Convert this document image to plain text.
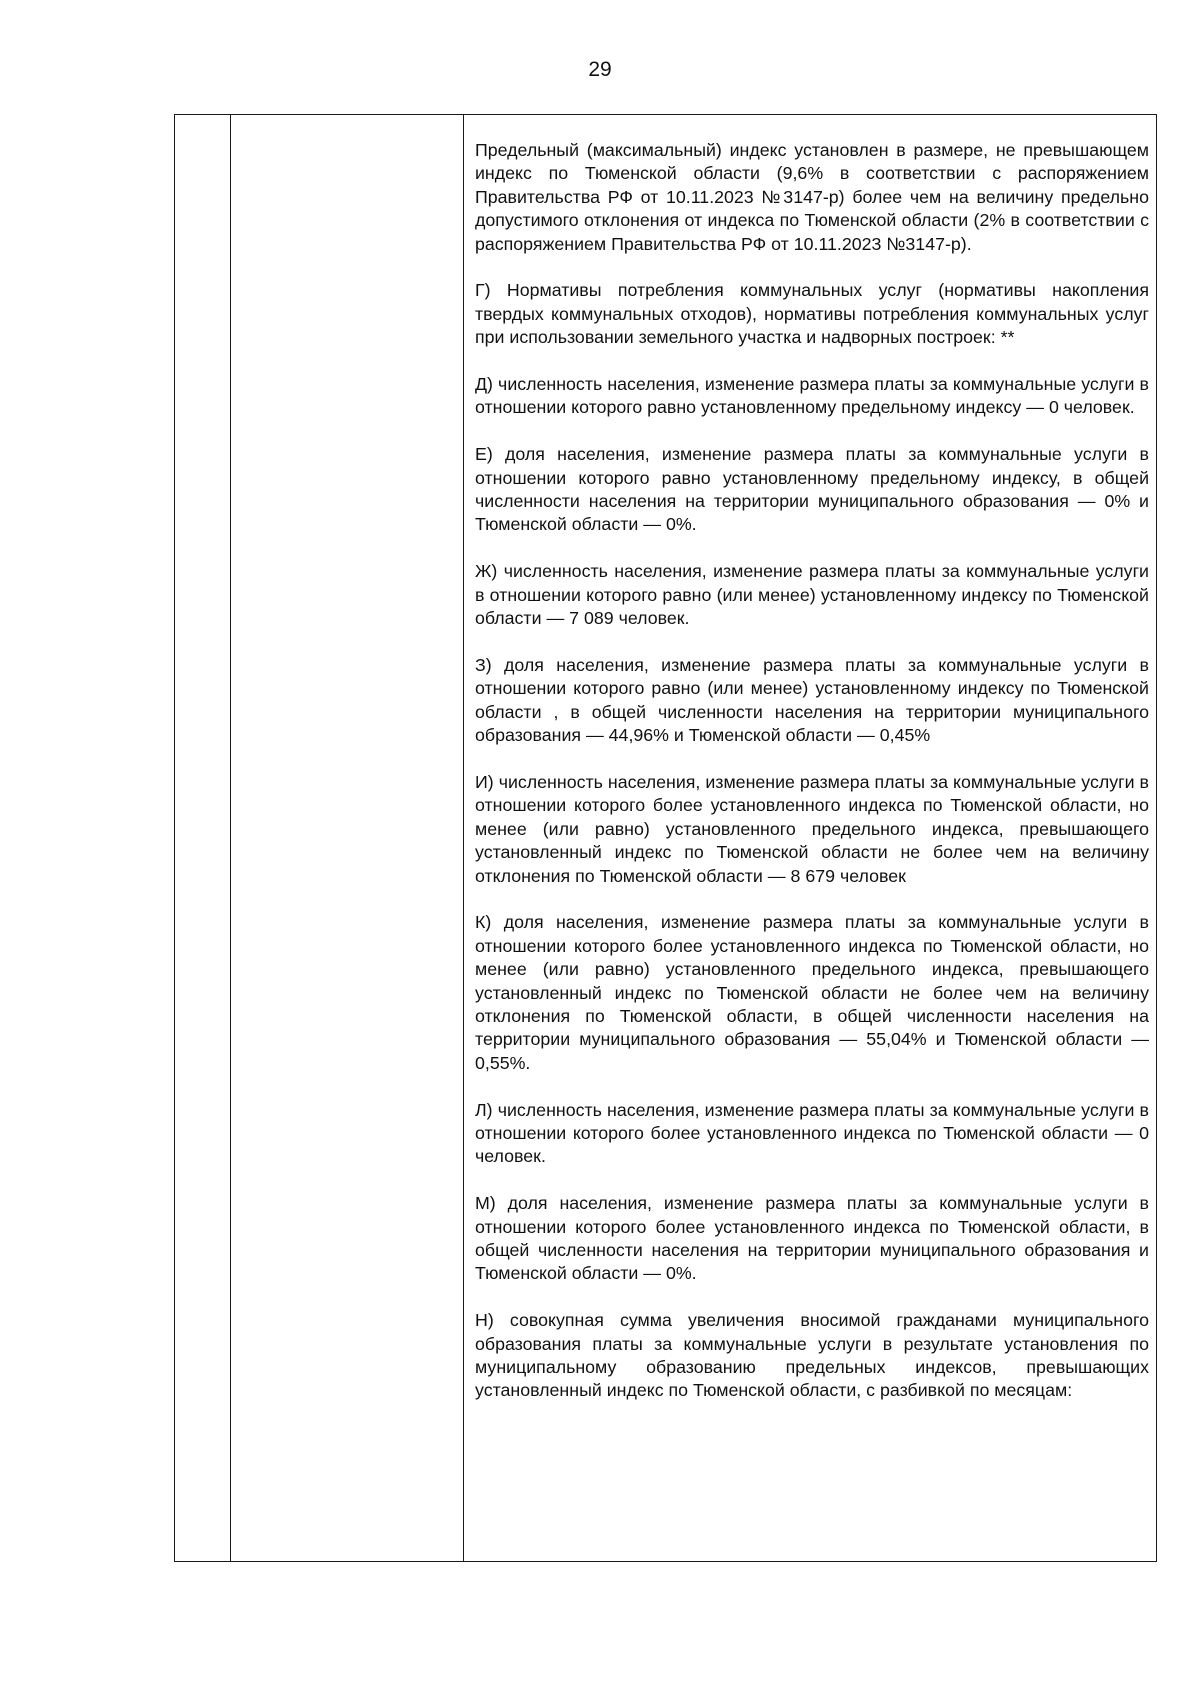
29

Предельный (максимальный) индекс установлен в размере, не превышающем индекс по Тюменской области (9,6% в соответствии с распоряжением Правительства РФ от 10.11.2023 №3147-р) более чем на величину предельно допустимого отклонения от индекса по Тюменской области (2% в соответствии с распоряжением Правительства РФ от 10.11.2023 №3147-р).

Г) Нормативы потребления коммунальных услуг (нормативы накопления твердых коммунальных отходов), нормативы потребления коммунальных услуг при использовании земельного участка и надворных построек: **

Д) численность населения, изменение размера платы за коммунальные услуги в отношении которого равно установленному предельному индексу — 0 человек.

Е) доля населения, изменение размера платы за коммунальные услуги в отношении которого равно установленному предельному индексу, в общей численности населения на территории муниципального образования — 0% и Тюменской области — 0%.

Ж) численность населения, изменение размера платы за коммунальные услуги в отношении которого равно (или менее) установленному индексу по Тюменской области — 7 089 человек.

З) доля населения, изменение размера платы за коммунальные услуги в отношении которого равно (или менее) установленному индексу по Тюменской области , в общей численности населения на территории муниципального образования — 44,96% и Тюменской области — 0,45%

И) численность населения, изменение размера платы за коммунальные услуги в отношении которого более установленного индекса по Тюменской области, но менее (или равно) установленного предельного индекса, превышающего установленный индекс по Тюменской области не более чем на величину отклонения по Тюменской области — 8 679 человек

К) доля населения, изменение размера платы за коммунальные услуги в отношении которого более установленного индекса по Тюменской области, но менее (или равно) установленного предельного индекса, превышающего установленный индекс по Тюменской области не более чем на величину отклонения по Тюменской области, в общей численности населения на территории муниципального образования — 55,04% и Тюменской области — 0,55%.

Л) численность населения, изменение размера платы за коммунальные услуги в отношении которого более установленного индекса по Тюменской области — 0 человек.

М) доля населения, изменение размера платы за коммунальные услуги в отношении которого более установленного индекса по Тюменской области, в общей численности населения на территории муниципального образования и Тюменской области — 0%.

Н) совокупная сумма увеличения вносимой гражданами муниципального образования платы за коммунальные услуги в результате установления по муниципальному образованию предельных индексов, превышающих установленный индекс по Тюменской области, с разбивкой по месяцам:
